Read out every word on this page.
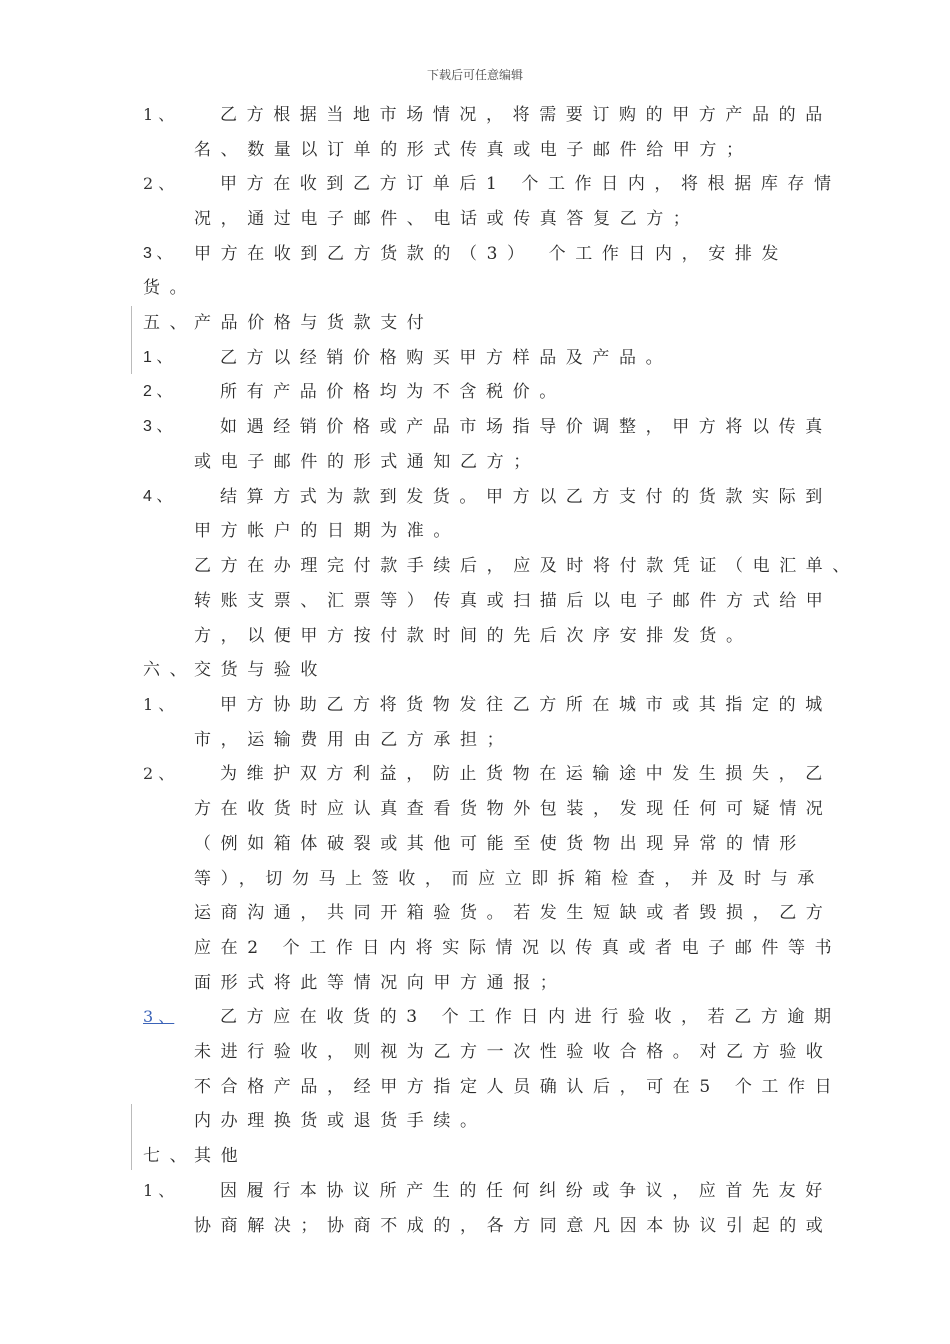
下载后可任意编辑
1 、	乙方根据当地市场情况，将需要订购的甲方产品的品
名、数量以订单的形式传真或电子邮件给甲方；
2 、	甲方在收到乙方订单后1 个工作日内，将根据库存情
况，通过电子邮件、电话或传真答复乙方；
3 、 甲方在收到乙方货款的（3） 个工作日内，安排发
货。
五、
产品价格与货款支付
1 、	乙方以经销价格购买甲方样品及产品。
2 、	所有产品价格均为不含税价。
3 、	如遇经销价格或产品市场指导价调整，甲方将以传真
或电子邮件的形式通知乙方；
4 、	结算方式为款到发货。甲方以乙方支付的货款实际到
甲方帐户的日期为准。
乙方在办理完付款手续后，应及时将付款凭证（电汇单、
转账支票、汇票等）传真或扫描后以电子邮件方式给甲
方，以便甲方按付款时间的先后次序安排发货。
六、
交货与验收
1 、	甲方协助乙方将货物发往乙方所在城市或其指定的城
市，运输费用由乙方承担；
2 、	为维护双方利益，防止货物在运输途中发生损失，乙
方在收货时应认真查看货物外包装，发现任何可疑情况
（例如箱体破裂或其他可能至使货物出现异常的情形
等），切勿马上签收，而应立即拆箱检查，并及时与承
运商沟通，共同开箱验货。若发生短缺或者毁损，乙方
应在2 个工作日内将实际情况以传真或者电子邮件等书
面形式将此等情况向甲方通报；
3 、	乙方应在收货的3 个工作日内进行验收，若乙方逾期
未进行验收，则视为乙方一次性验收合格。对乙方验收
不合格产品，经甲方指定人员确认后，可在5 个工作日
内办理换货或退货手续。
七、
其他
1 、	因履行本协议所产生的任何纠纷或争议，应首先友好
协商解决；协商不成的，各方同意凡因本协议引起的或
